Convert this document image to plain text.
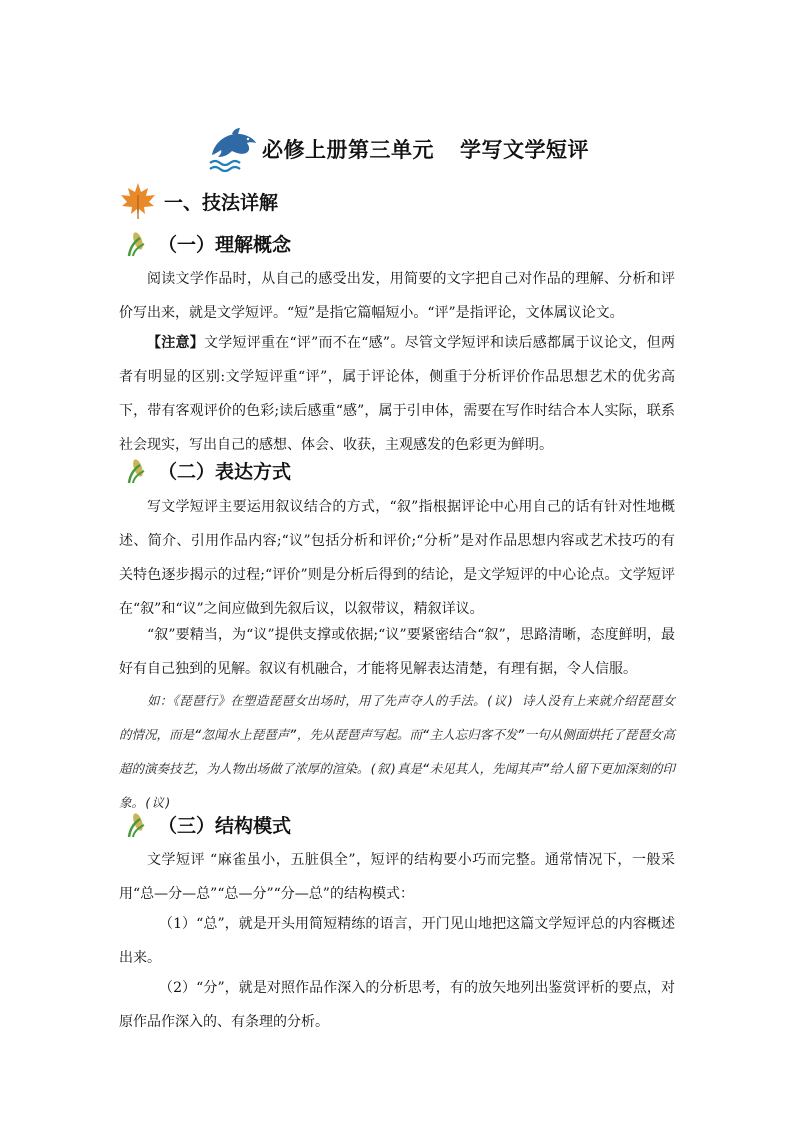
必修上册第三单元 学写文学短评
一、技法详解
（一）理解概念

阅读文学作品时，从自己的感受出发，用简要的文字把自己对作品的理解、分析和评价写出来，就是文学短评。“短”是指它篇幅短小。“评”是指评论，文体属议论文。

【注意】文学短评重在“评”而不在“感”。尽管文学短评和读后感都属于议论文，但两者有明显的区别:文学短评重“评”，属于评论体，侧重于分析评价作品思想艺术的优劣高下，带有客观评价的色彩;读后感重“感”，属于引申体，需要在写作时结合本人实际，联系社会现实，写出自己的感想、体会、收获，主观感发的色彩更为鲜明。

（二）表达方式

写文学短评主要运用叙议结合的方式，“叙”指根据评论中心用自己的话有针对性地概述、简介、引用作品内容;“议”包括分析和评价;“分析”是对作品思想内容或艺术技巧的有关特色逐步揭示的过程;“评价”则是分析后得到的结论，是文学短评的中心论点。文学短评在“叙”和“议”之间应做到先叙后议，以叙带议，精叙详议。

“叙”要精当，为“议”提供支撑或依据;“议”要紧密结合“叙”，思路清晰，态度鲜明，最好有自己独到的见解。叙议有机融合，才能将见解表达清楚，有理有据，令人信服。

如：《琵琶行》在塑造琵琶女出场时，用了先声夺人的手法。(议) 诗人没有上来就介绍琵琶女的情况，而是“忽闻水上琵琶声”，先从琵琶声写起。而“主人忘归客不发”一句从侧面烘托了琵琶女高超的演奏技艺，为人物出场做了浓厚的渲染。(叙)真是“未见其人，先闻其声”给人留下更加深刻的印象。(议)

（三）结构模式

文学短评 “麻雀虽小，五脏俱全”，短评的结构要小巧而完整。通常情况下，一般采用“总—分—总”“总—分”“分—总”的结构模式：

（1）“总”，就是开头用简短精练的语言，开门见山地把这篇文学短评总的内容概述出来。

（2）“分”，就是对照作品作深入的分析思考，有的放矢地列出鉴赏评析的要点，对原作品作深入的、有条理的分析。
